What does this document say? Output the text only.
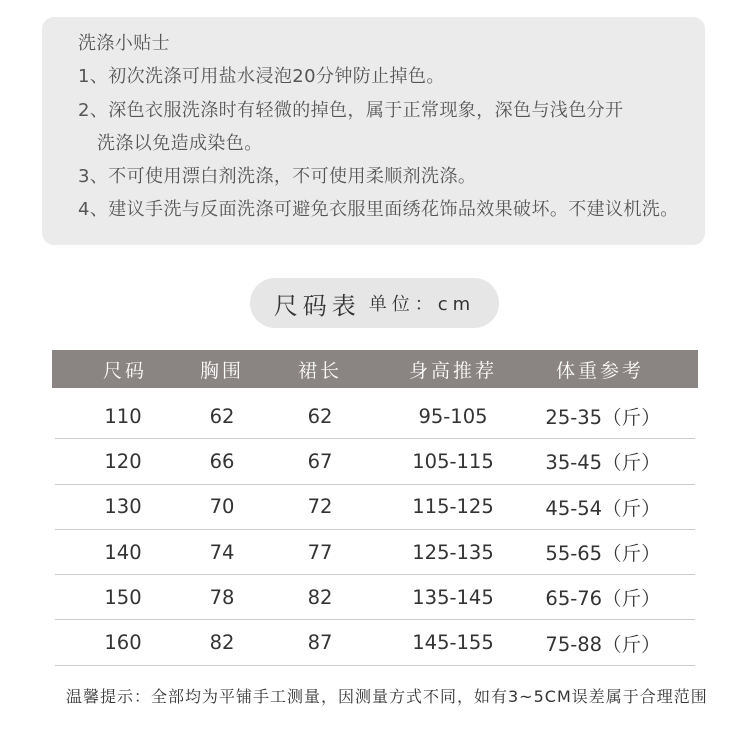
洗涤小贴士
1、初次洗涤可用盐水浸泡20分钟防止掉色。
2、深色衣服洗涤时有轻微的掉色，属于正常现象，深色与浅色分开
洗涤以免造成染色。
3、不可使用漂白剂洗涤，不可使用柔顺剂洗涤。
4、建议手洗与反面洗涤可避免衣服里面绣花饰品效果破坏。不建议机洗。
尺码表 单位：cm
尺码	胸围	裙长	身高推荐	体重参考
110	62	62	95-105	25-35（斤）
120	66	67	105-115	35-45（斤）
130	70	72	115-125	45-54（斤）
140	74	77	125-135	55-65（斤）
150	78	82	135-145	65-76（斤）
160	82	87	145-155	75-88（斤）
温馨提示：全部均为平铺手工测量，因测量方式不同，如有3~5CM误差属于合理范围
